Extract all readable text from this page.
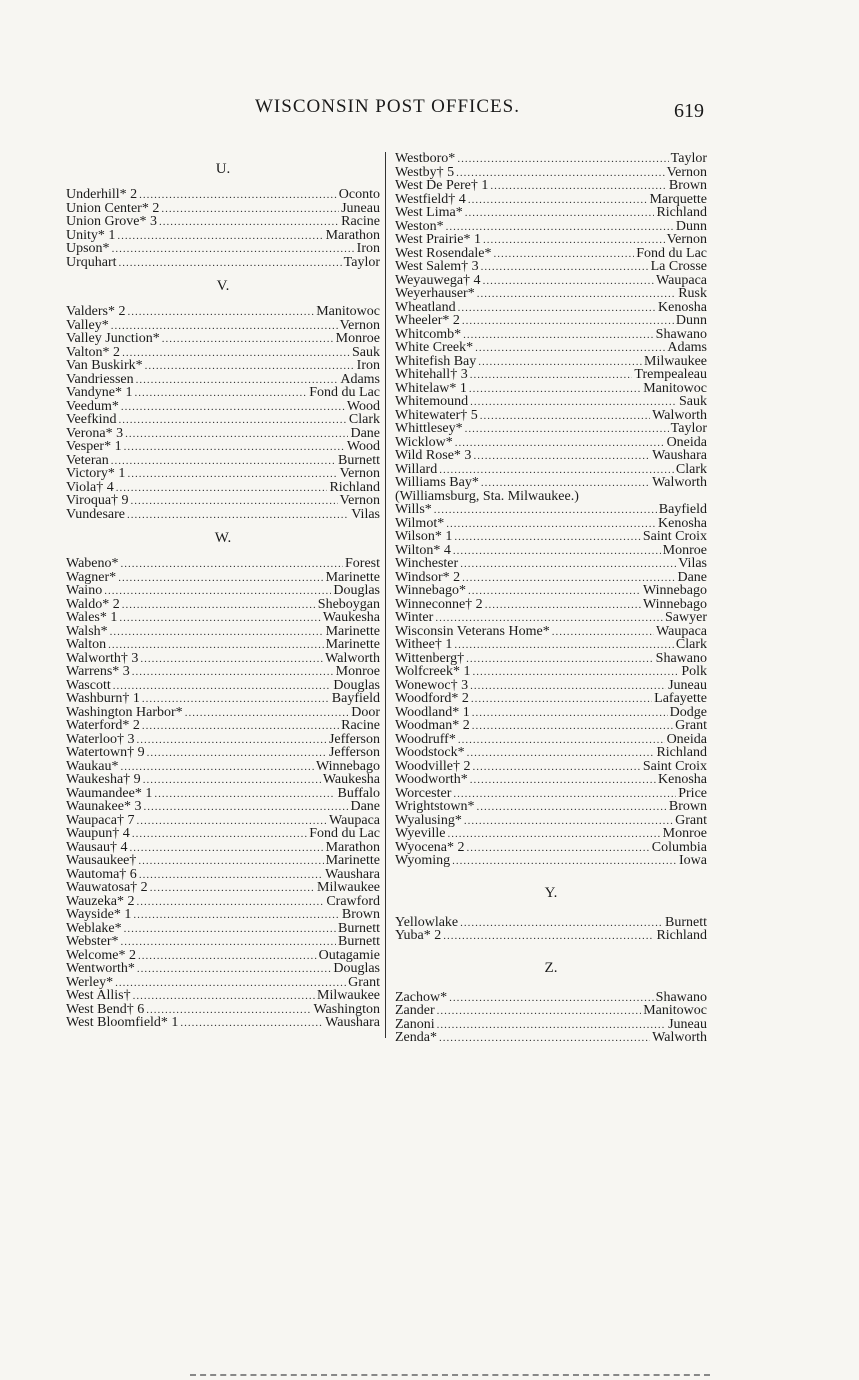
WISCONSIN POST OFFICES.	619
U.
Underhill* 2 .....	Oconto
Union Center* 2 .....	Juneau
Union Grove* 3 .....	Racine
Unity* 1 .....	Marathon
Upson* .....	Iron
Urquhart .....	Taylor
V.
Valders* 2 .....	Manitowoc
Valley* .....	Vernon
Valley Junction* .....	Monroe
Valton* 2 .....	Sauk
Van Buskirk* .....	Iron
Vandriessen .....	Adams
Vandyne* 1 .....	Fond du Lac
Veedum* .....	Wood
Veefkind .....	Clark
Verona* 3 .....	Dane
Vesper* 1 .....	Wood
Veteran .....	Burnett
Victory* 1 .....	Vernon
Viola† 4 .....	Richland
Viroqua† 9 .....	Vernon
Vundesare .....	Vilas
W.
Wabeno* .....	Forest
Wagner* .....	Marinette
Waino .....	Douglas
Waldo* 2 .....	Sheboygan
Wales* 1 .....	Waukesha
Walsh* .....	Marinette
Walton .....	Marinette
Walworth† 3 .....	Walworth
Warrens* 3 .....	Monroe
Wascott .....	Douglas
Washburn† 1 .....	Bayfield
Washington Harbor* .....	Door
Waterford* 2 .....	Racine
Waterloo† 3 .....	Jefferson
Watertown† 9 .....	Jefferson
Waukau* .....	Winnebago
Waukesha† 9 .....	Waukesha
Waumandee* 1 .....	Buffalo
Waunakee* 3 .....	Dane
Waupaca† 7 .....	Waupaca
Waupun† 4 .....	Fond du Lac
Wausau† 4 .....	Marathon
Wausaukee† .....	Marinette
Wautoma† 6 .....	Waushara
Wauwatosa† 2 .....	Milwaukee
Wauzeka* 2 .....	Crawford
Wayside* 1 .....	Brown
Weblake* .....	Burnett
Webster* .....	Burnett
Welcome* 2 .....	Outagamie
Wentworth* .....	Douglas
Werley* .....	Grant
West Allis† .....	Milwaukee
West Bend† 6 .....	Washington
West Bloomfield* 1 .....	Waushara
Westboro* .....	Taylor
Westby† 5 .....	Vernon
West De Pere† 1 .....	Brown
Westfield† 4 .....	Marquette
West Lima* .....	Richland
Weston* .....	Dunn
West Prairie* 1 .....	Vernon
West Rosendale* .....	Fond du Lac
West Salem† 3 .....	La Crosse
Weyauwega† 4 .....	Waupaca
Weyerhauser* .....	Rusk
Wheatland .....	Kenosha
Wheeler* 2 .....	Dunn
Whitcomb* .....	Shawano
White Creek* .....	Adams
Whitefish Bay .....	Milwaukee
Whitehall† 3 .....	Trempealeau
Whitelaw* 1 .....	Manitowoc
Whitemound .....	Sauk
Whitewater† 5 .....	Walworth
Whittlesey* .....	Taylor
Wicklow* .....	Oneida
Wild Rose* 3 .....	Waushara
Willard .....	Clark
Williams Bay* .....	Walworth
(Williamsburg, Sta. Milwaukee.)
Wills* .....	Bayfield
Wilmot* .....	Kenosha
Wilson* 1 .....	Saint Croix
Wilton* 4 .....	Monroe
Winchester .....	Vilas
Windsor* 2 .....	Dane
Winnebago* .....	Winnebago
Winneconne† 2 .....	Winnebago
Winter .....	Sawyer
Wisconsin Veterans Home* .....	Waupaca
Withee† 1 .....	Clark
Wittenberg† .....	Shawano
Wolfcreek* 1 .....	Polk
Wonewoc† 3 .....	Juneau
Woodford* 2 .....	Lafayette
Woodland* 1 .....	Dodge
Woodman* 2 .....	Grant
Woodruff* .....	Oneida
Woodstock* .....	Richland
Woodville† 2 .....	Saint Croix
Woodworth* .....	Kenosha
Worcester .....	Price
Wrightstown* .....	Brown
Wyalusing* .....	Grant
Wyeville .....	Monroe
Wyocena* 2 .....	Columbia
Wyoming .....	Iowa
Y.
Yellowlake .....	Burnett
Yuba* 2 .....	Richland
Z.
Zachow* .....	Shawano
Zander .....	Manitowoc
Zanoni .....	Juneau
Zenda* .....	Walworth
